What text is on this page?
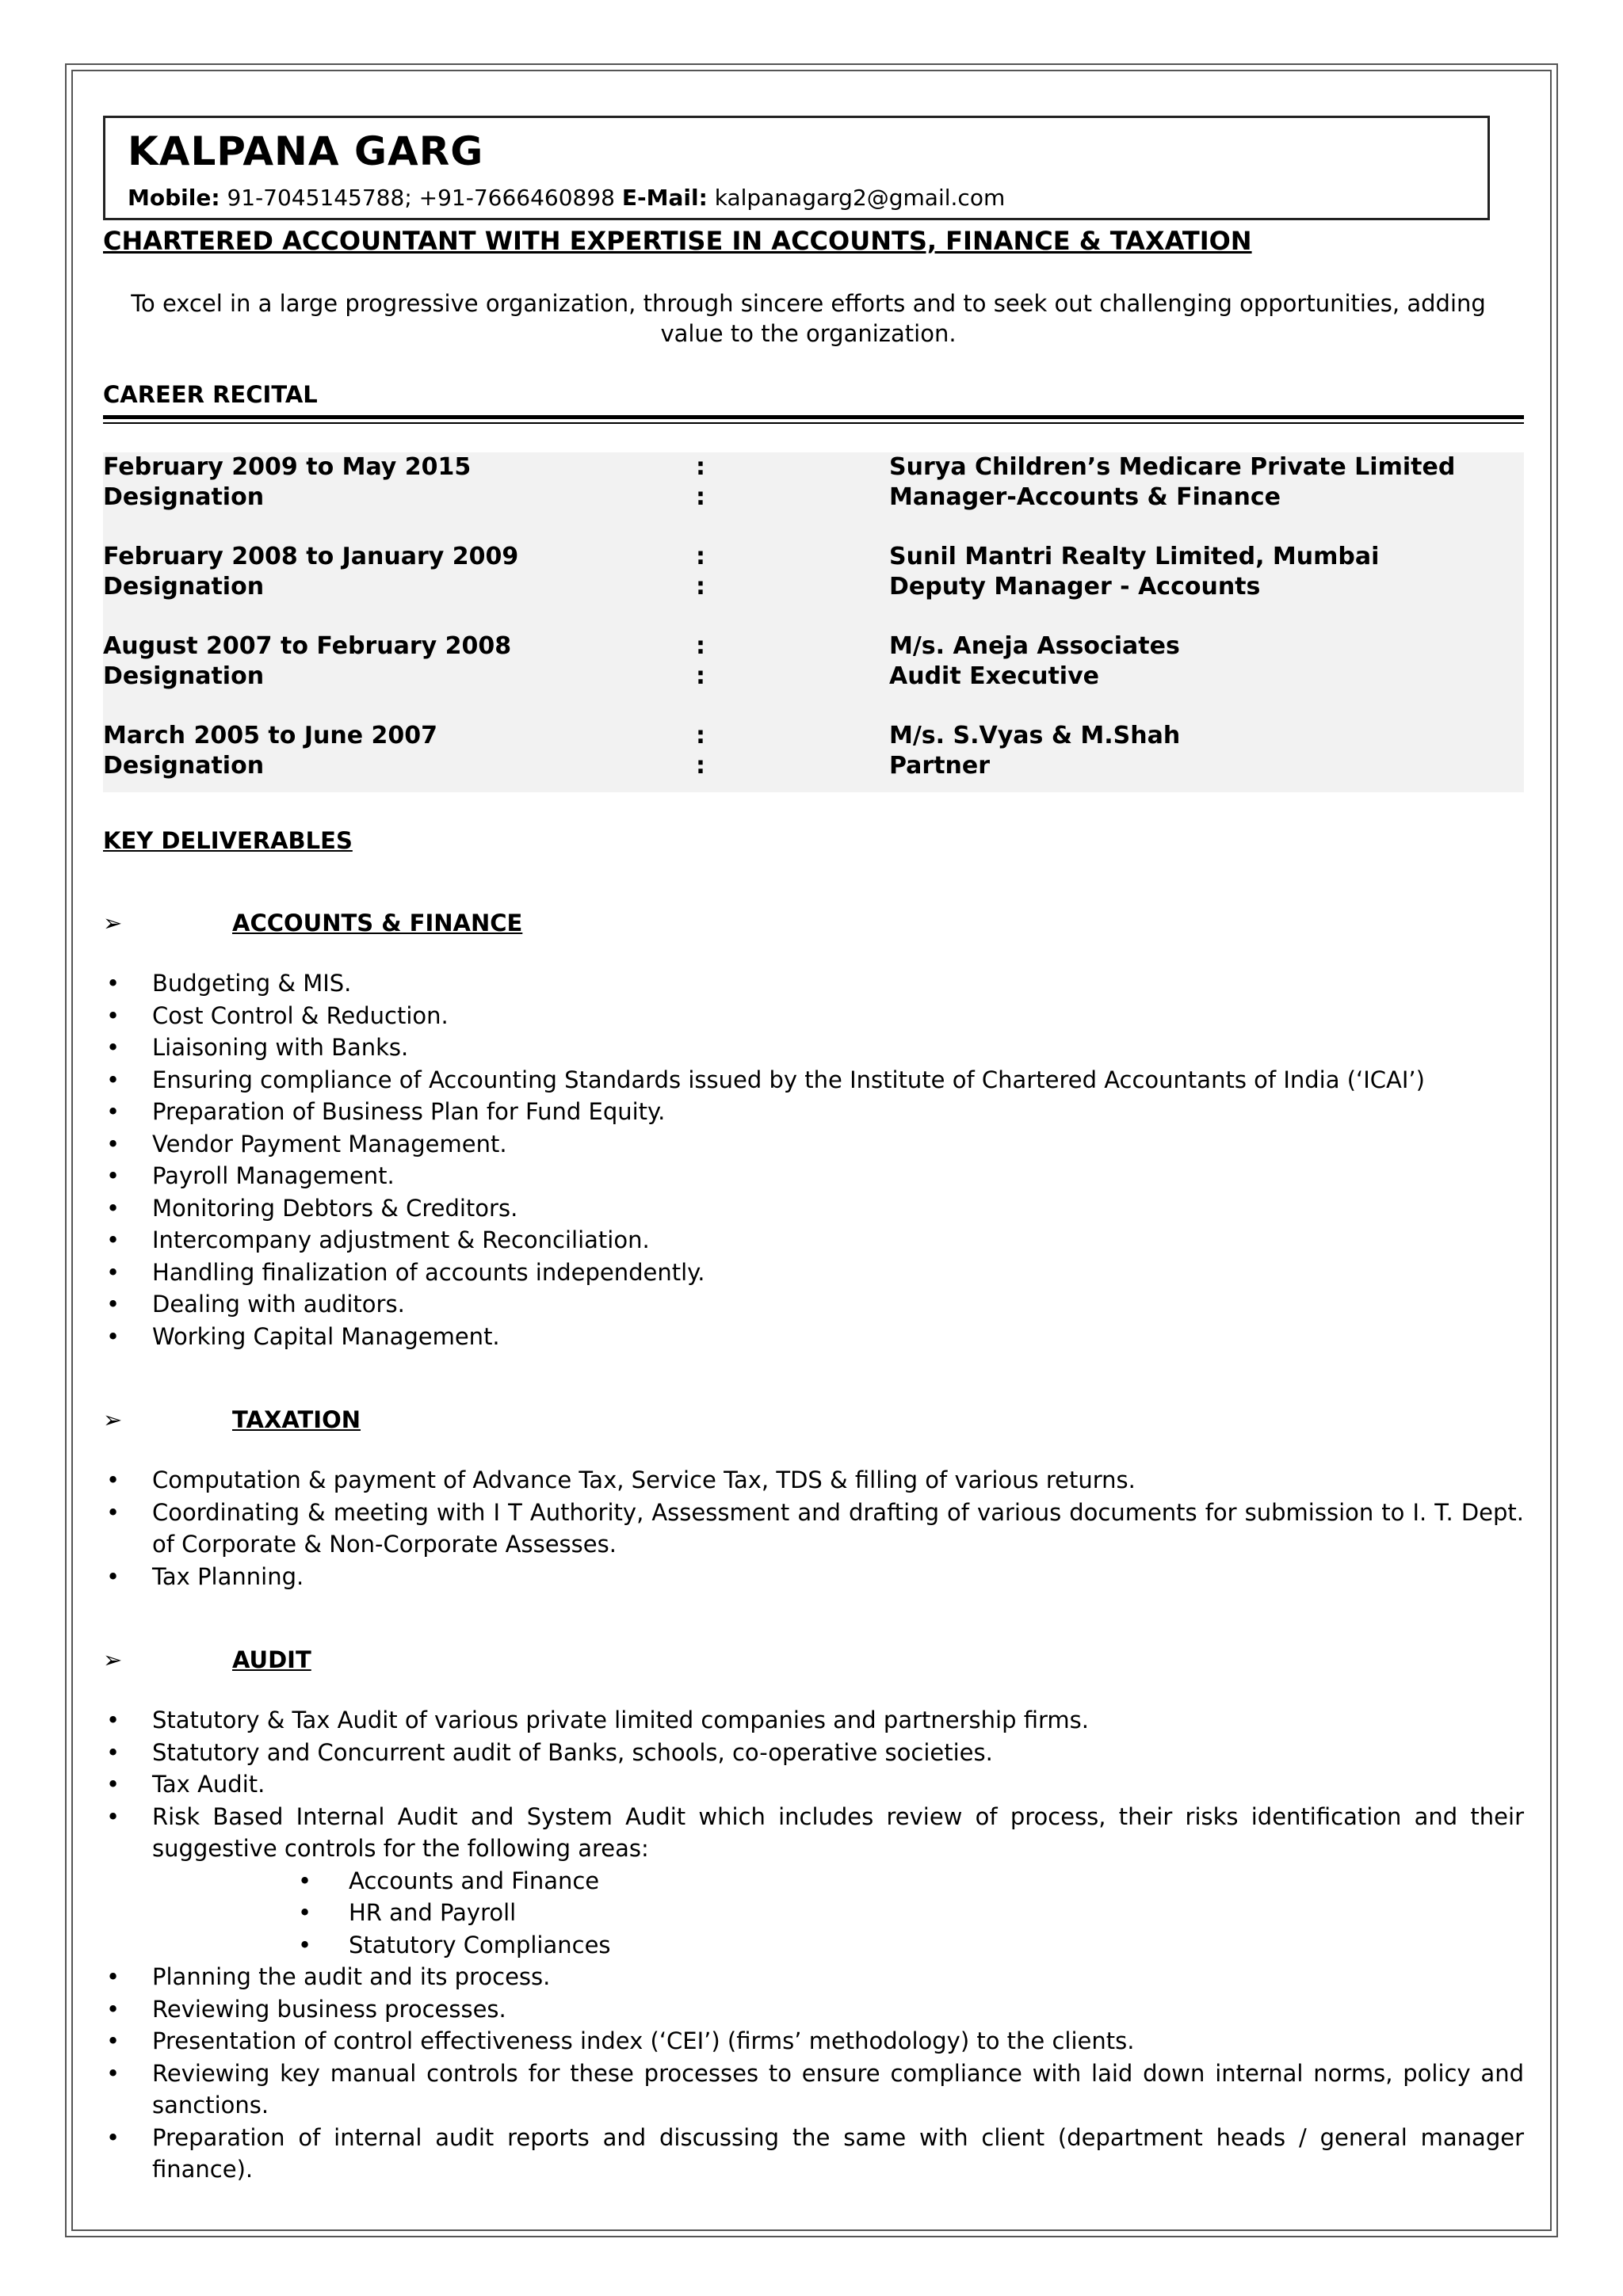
KALPANA GARG
Mobile: 91-7045145788; +91-7666460898 E-Mail: kalpanagarg2@gmail.com
CHARTERED ACCOUNTANT WITH EXPERTISE IN ACCOUNTS, FINANCE & TAXATION
To excel in a large progressive organization, through sincere efforts and to seek out challenging opportunities, adding value to the organization.
CAREER RECITAL
February 2009 to May 2015	:	Surya Children’s Medicare Private Limited
Designation	:	Manager-Accounts & Finance
February 2008 to January 2009	:	Sunil Mantri Realty Limited, Mumbai
Designation	:	Deputy Manager - Accounts
August 2007 to February 2008	:	M/s. Aneja Associates
Designation	:	Audit Executive
March 2005 to June 2007	:	M/s. S.Vyas & M.Shah
Designation	:	Partner
KEY DELIVERABLES
➢	ACCOUNTS & FINANCE
• Budgeting & MIS.
• Cost Control & Reduction.
• Liaisoning with Banks.
• Ensuring compliance of Accounting Standards issued by the Institute of Chartered Accountants of India (‘ICAI’)
• Preparation of Business Plan for Fund Equity.
• Vendor Payment Management.
• Payroll Management.
• Monitoring Debtors & Creditors.
• Intercompany adjustment & Reconciliation.
• Handling finalization of accounts independently.
• Dealing with auditors.
• Working Capital Management.
➢	TAXATION
• Computation & payment of Advance Tax, Service Tax, TDS & filling of various returns.
• Coordinating & meeting with I T Authority, Assessment and drafting of various documents for submission to I. T. Dept. of Corporate & Non-Corporate Assesses.
• Tax Planning.
➢	AUDIT
• Statutory & Tax Audit of various private limited companies and partnership firms.
• Statutory and Concurrent audit of Banks, schools, co-operative societies.
• Tax Audit.
• Risk Based Internal Audit and System Audit which includes review of process, their risks identification and their suggestive controls for the following areas:
• Accounts and Finance
• HR and Payroll
• Statutory Compliances
• Planning the audit and its process.
• Reviewing business processes.
• Presentation of control effectiveness index (‘CEI’) (firms’ methodology) to the clients.
• Reviewing key manual controls for these processes to ensure compliance with laid down internal norms, policy and sanctions.
• Preparation of internal audit reports and discussing the same with client (department heads / general manager finance).
